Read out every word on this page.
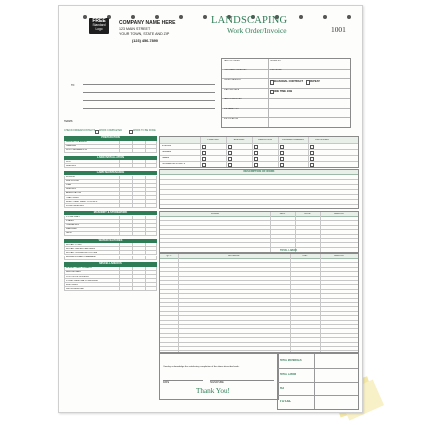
FREE
Standard
Logo
COMPANY NAME HERE
123 MAIN STREET
YOUR TOWN, STATE AND ZIP
(123) 456-7890
LANDSCAPING
Work Order/Invoice	1001
TO:
TERMS:
DATE OF ORDER
CUSTOMER ORDER NO.
ORDER TAKEN BY
STARTING DATE
DATE COMPLETED
JOB NAME / NO.
JOB LOCATION
ORDER NO.
JOB PHONE
SEASONAL CONTRACT REPEAT
ONE TIME JOB
CHECK/ORDER/CONTACTS WORK COMPLETED	WORK TO BE DONE
PREPARATION
DESIGN / PLANNING
GRADING
SOIL PREPARATION
LAWN INSTALLATION
SOD
SEEDING
LAWN MAINTENANCE
MOWING
FERTILIZING
LIME
SEEDING
AERIFICATION
THATCHING
INSECT AND WEED CONTROL
HYDROSEEDING
MASONRY & STONEWORK
STONE WALL
STAIRS
TERRACING
WALKWAY
PATIO
WATER FEATURES
INSTALL POND
INSTALL WATER FEATURES
INSTALL SPRINKLER SYSTEM
IRRIGATION AND DRAINAGE
MISCELLANEOUS
SPRING / FALL CLEANUP
REFUSE HAUL
POST HOLE DIGGING
STUMP REMOVAL & GRINDING
MULCHING
SNOW REMOVAL
PLANTING	BUILDING	DEMOLITION	PRUNING/TRIMMING	FERTILIZING
SHRUBS
HEDGES
TREES
FLOWERING PLANTS
DESCRIPTION OF WORK
LABOR	HRS.	RATE	AMOUNT
TOTAL LABOR
QTY.	MATERIAL	UNIT	AMOUNT
I hereby acknowledge the satisfactory completion of the above described work.
DATE	SIGNATURE
Thank You!
TOTAL MATERIALS
TOTAL LABOR
TAX
TOTAL
